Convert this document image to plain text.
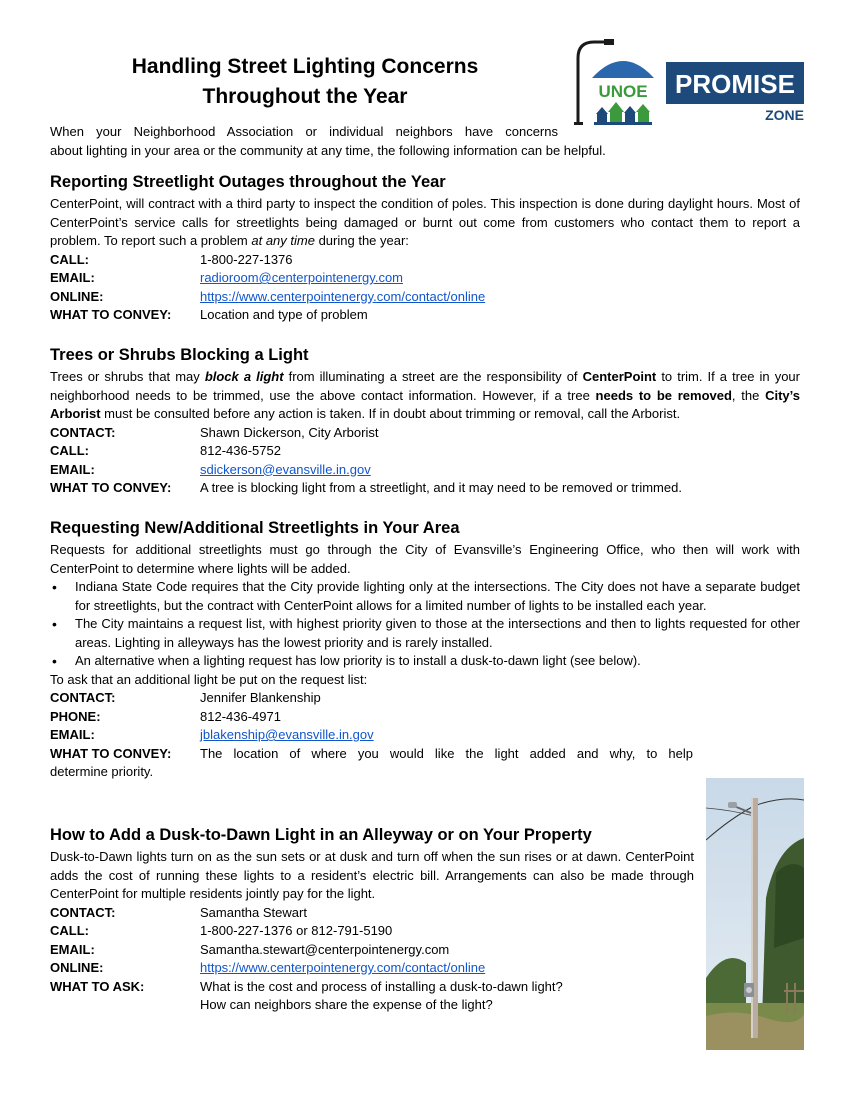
Handling Street Lighting Concerns
Throughout the Year	UNOE PROMISE
ZONE
When your Neighborhood Association or individual neighbors have concerns
about lighting in your area or the community at any time, the following information can be helpful.
Reporting Streetlight Outages throughout the Year

CenterPoint, will contract with a third party to inspect the condition of poles. This inspection is done during daylight hours. Most of CenterPoint’s service calls for streetlights being damaged or burnt out come from customers who contact them to report a problem. To report such a problem at any time during the year:

CALL:	1-800-227-1376
EMAIL:	radioroom@centerpointenergy.com
ONLINE:	https://www.centerpointenergy.com/contact/online
WHAT TO CONVEY:	Location and type of problem
Trees or Shrubs Blocking a Light

Trees or shrubs that may block a light from illuminating a street are the responsibility of CenterPoint to trim. If a tree in your neighborhood needs to be trimmed, use the above contact information. However, if a tree needs to be removed, the City’s Arborist must be consulted before any action is taken. If in doubt about trimming or removal, call the Arborist.

CONTACT:	Shawn Dickerson, City Arborist
CALL:	812-436-5752
EMAIL:	sdickerson@evansville.in.gov
WHAT TO CONVEY:	A tree is blocking light from a streetlight, and it may need to be removed or trimmed.
Requesting New/Additional Streetlights in Your Area

Requests for additional streetlights must go through the City of Evansville’s Engineering Office, who then will work with CenterPoint to determine where lights will be added.

• Indiana State Code requires that the City provide lighting only at the intersections. The City does not have a separate budget for streetlights, but the contract with CenterPoint allows for a limited number of lights to be installed each year.
• The City maintains a request list, with highest priority given to those at the intersections and then to lights requested for other areas. Lighting in alleyways has the lowest priority and is rarely installed.
• An alternative when a lighting request has low priority is to install a dusk-to-dawn light (see below).

To ask that an additional light be put on the request list:

CONTACT:	Jennifer Blankenship
PHONE:	812-436-4971
EMAIL:	jblakenship@evansville.in.gov
WHAT TO CONVEY:	The location of where you would like the light added and why, to help
determine priority.
How to Add a Dusk-to-Dawn Light in an Alleyway or on Your Property

Dusk-to-Dawn lights turn on as the sun sets or at dusk and turn off when the sun rises or at dawn. CenterPoint adds the cost of running these lights to a resident’s electric bill. Arrangements can also be made through CenterPoint for multiple residents jointly pay for the light.

CONTACT:	Samantha Stewart
CALL:	1-800-227-1376 or 812-791-5190
EMAIL:	Samantha.stewart@centerpointenergy.com
ONLINE:	https://www.centerpointenergy.com/contact/online
WHAT TO ASK:	What is the cost and process of installing a dusk-to-dawn light?
How can neighbors share the expense of the light?
